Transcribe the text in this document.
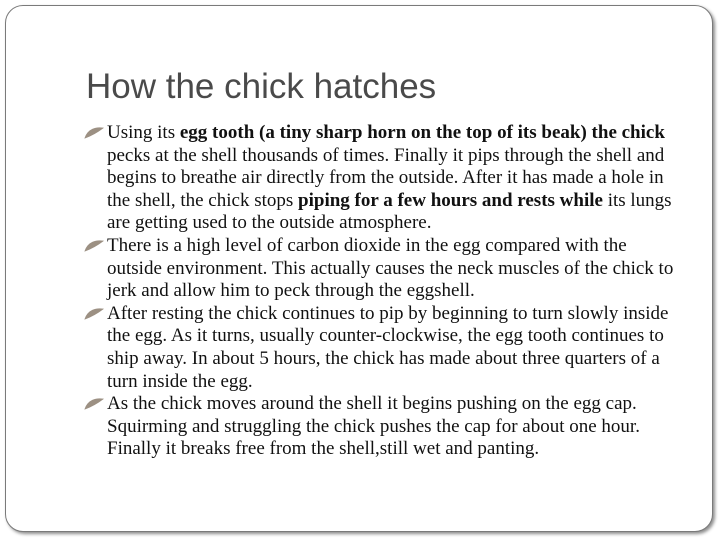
How the chick hatches
Using its egg tooth (a tiny sharp horn on the top of its beak) the chick pecks at the shell thousands of times. Finally it pips through the shell and begins to breathe air directly from the outside. After it has made a hole in the shell, the chick stops piping for a few hours and rests while its lungs are getting used to the outside atmosphere.
There is a high level of carbon dioxide in the egg compared with the outside environment. This actually causes the neck muscles of the chick to jerk and allow him to peck through the eggshell.
After resting the chick continues to pip by beginning to turn slowly inside the egg. As it turns, usually counter-clockwise, the egg tooth continues to ship away. In about 5 hours, the chick has made about three quarters of a turn inside the egg.
As the chick moves around the shell it begins pushing on the egg cap. Squirming and struggling the chick pushes the cap for about one hour. Finally it breaks free from the shell,still wet and panting.
